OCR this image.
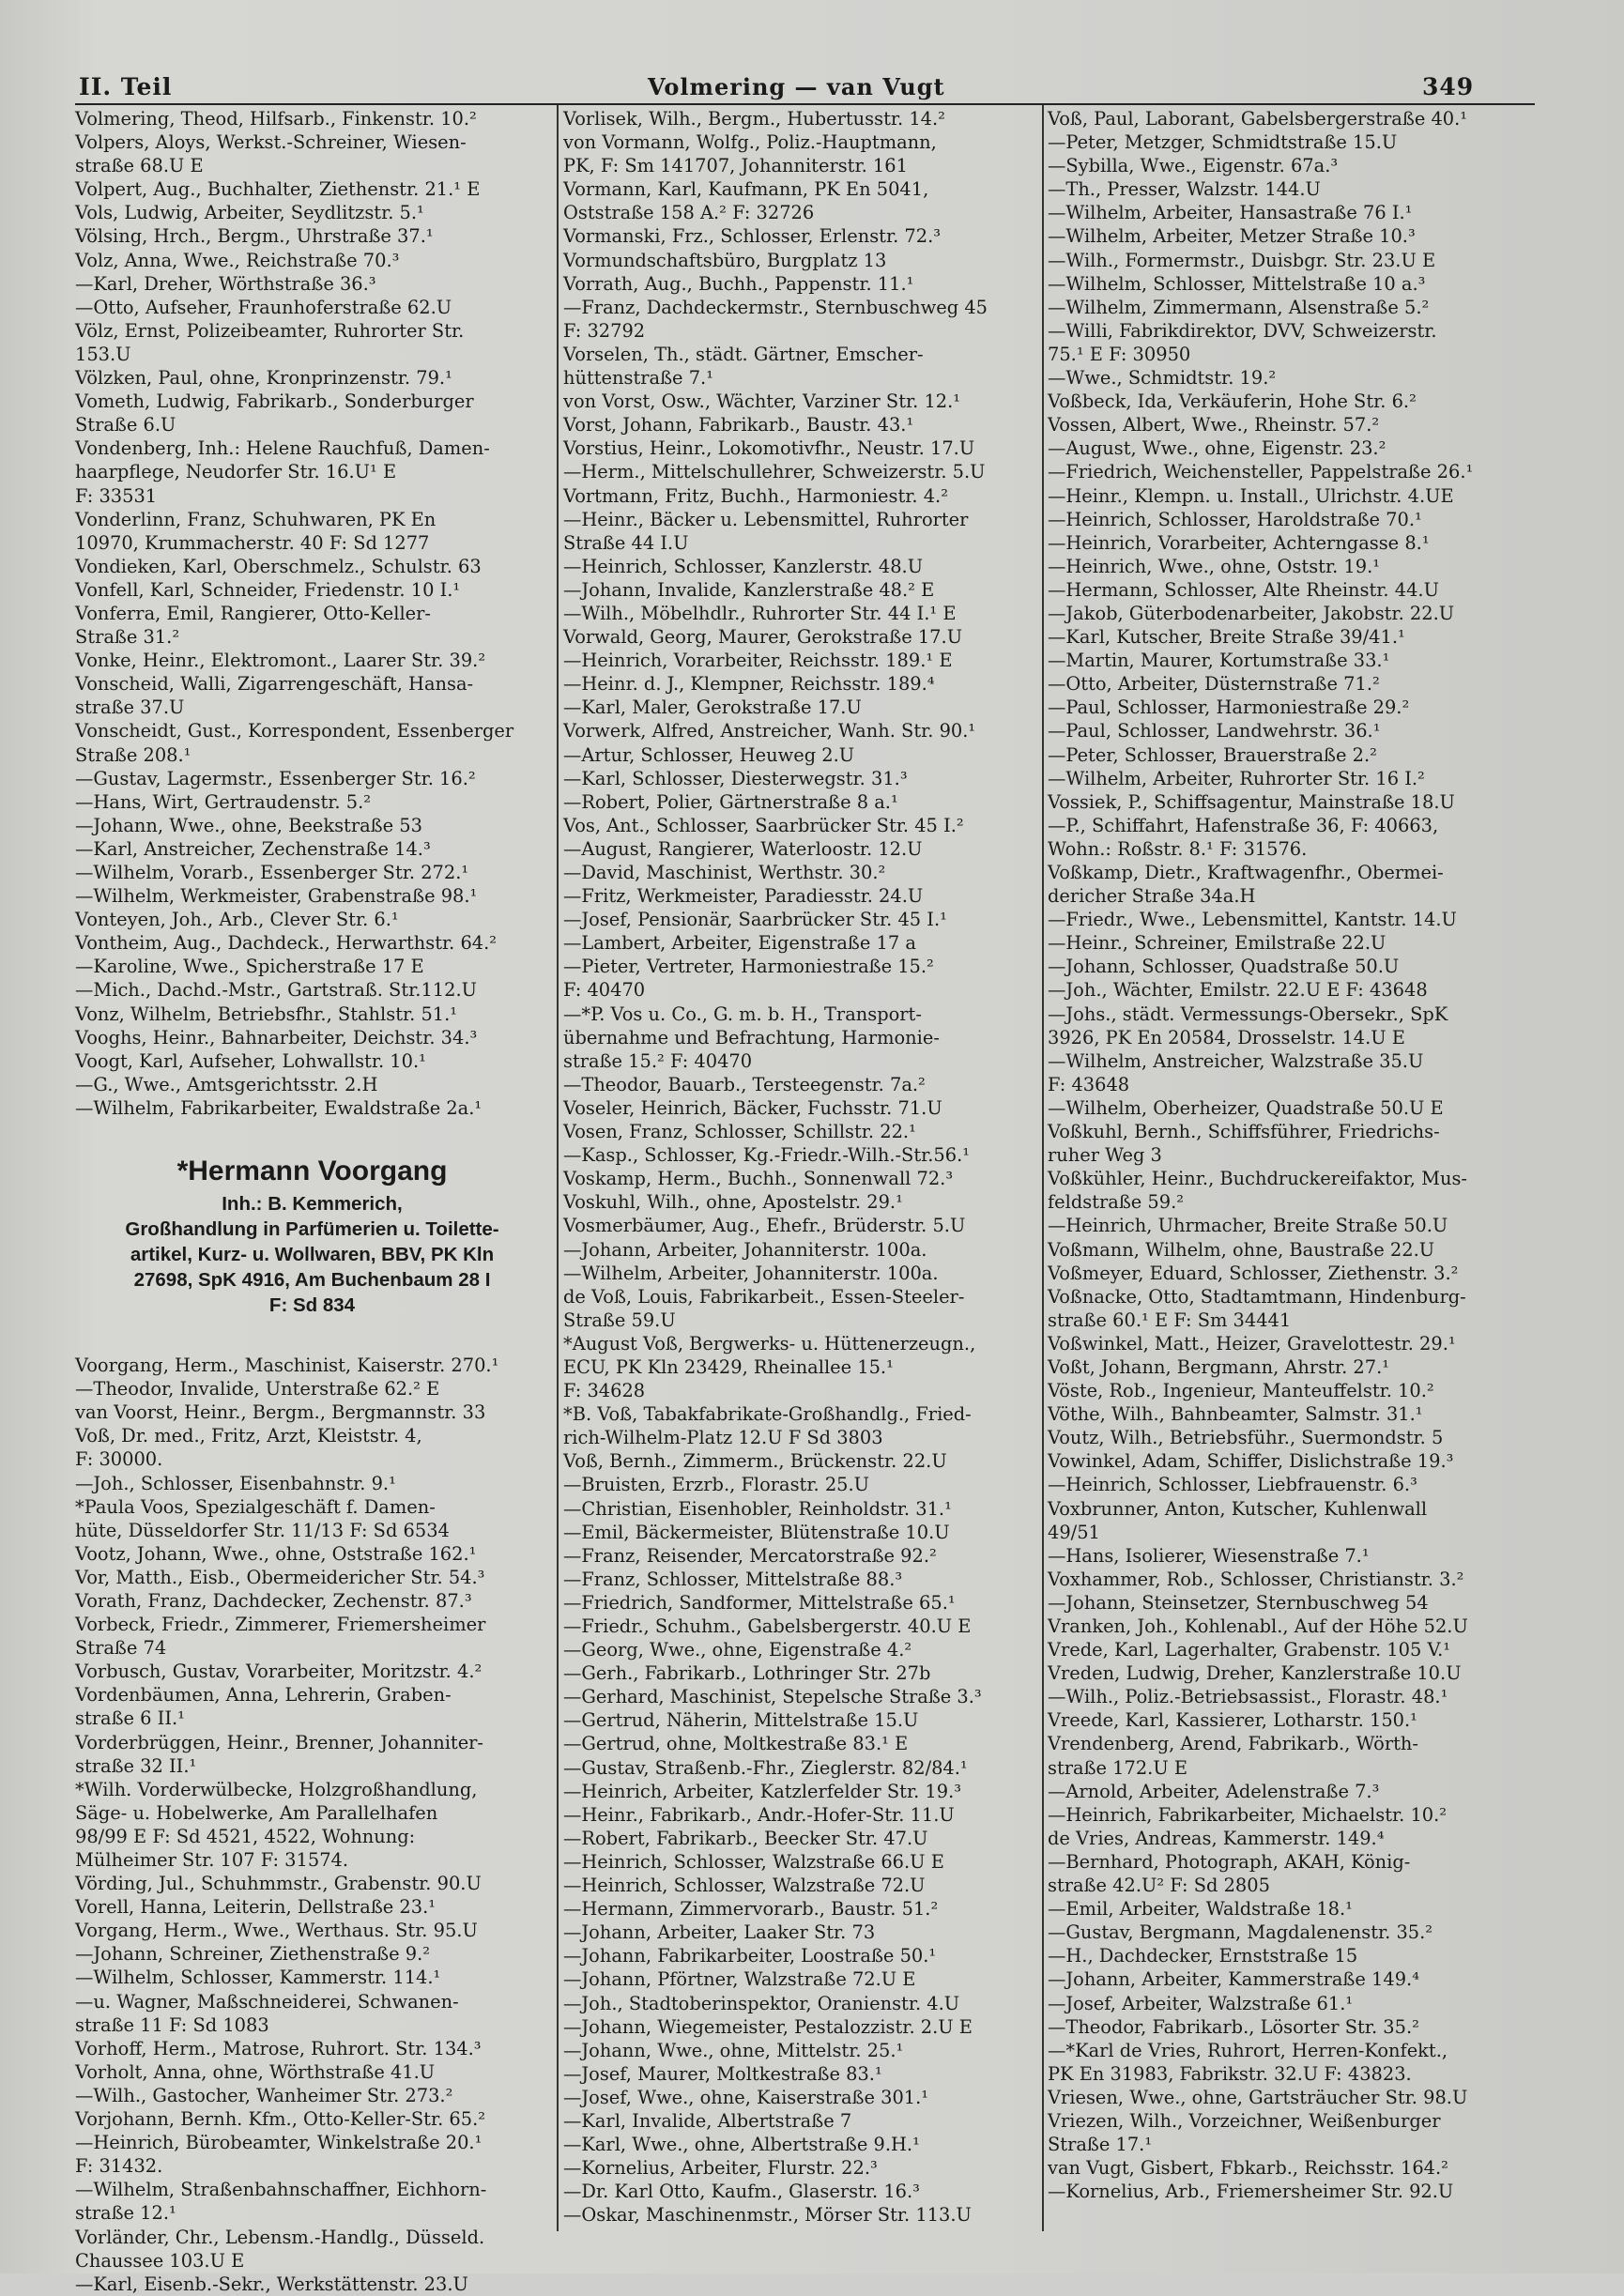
II. Teil	Volmering — van Vugt	349
Volmering, Theod, Hilfsarb., Finkenstr. 10.²
Volpers, Aloys, Werkst.-Schreiner, Wiesen-
straße 68.U E
Volpert, Aug., Buchhalter, Ziethenstr. 21.¹ E
Vols, Ludwig, Arbeiter, Seydlitzstr. 5.¹
Völsing, Hrch., Bergm., Uhrstraße 37.¹
Volz, Anna, Wwe., Reichstraße 70.³
—Karl, Dreher, Wörthstraße 36.³
—Otto, Aufseher, Fraunhoferstraße 62.U
Völz, Ernst, Polizeibeamter, Ruhrorter Str.
153.U
Völzken, Paul, ohne, Kronprinzenstr. 79.¹
Vometh, Ludwig, Fabrikarb., Sonderburger
Straße 6.U
Vondenberg, Inh.: Helene Rauchfuß, Damen-
haarpflege, Neudorfer Str. 16.U¹ E
F: 33531
Vonderlinn, Franz, Schuhwaren, PK En
10970, Krummacherstr. 40 F: Sd 1277
Vondieken, Karl, Oberschmelz., Schulstr. 63
Vonfell, Karl, Schneider, Friedenstr. 10 I.¹
Vonferra, Emil, Rangierer, Otto-Keller-
Straße 31.²
Vonke, Heinr., Elektromont., Laarer Str. 39.²
Vonscheid, Walli, Zigarrengeschäft, Hansa-
straße 37.U
Vonscheidt, Gust., Korrespondent, Essenberger
Straße 208.¹
—Gustav, Lagermstr., Essenberger Str. 16.²
—Hans, Wirt, Gertraudenstr. 5.²
—Johann, Wwe., ohne, Beekstraße 53
—Karl, Anstreicher, Zechenstraße 14.³
—Wilhelm, Vorarb., Essenberger Str. 272.¹
—Wilhelm, Werkmeister, Grabenstraße 98.¹
Vonteyen, Joh., Arb., Clever Str. 6.¹
Vontheim, Aug., Dachdeck., Herwarthstr. 64.²
—Karoline, Wwe., Spicherstraße 17 E
—Mich., Dachd.-Mstr., Gartstraß. Str.112.U
Vonz, Wilhelm, Betriebsfhr., Stahlstr. 51.¹
Vooghs, Heinr., Bahnarbeiter, Deichstr. 34.³
Voogt, Karl, Aufseher, Lohwallstr. 10.¹
—G., Wwe., Amtsgerichtsstr. 2.H
—Wilhelm, Fabrikarbeiter, Ewaldstraße 2a.¹
*Hermann Voorgang
Inh.: B. Kemmerich,
Großhandlung in Parfümerien u. Toilette-
artikel, Kurz- u. Wollwaren, BBV, PK Kln
27698, SpK 4916, Am Buchenbaum 28 I
F: Sd 834
Voorgang, Herm., Maschinist, Kaiserstr. 270.¹
—Theodor, Invalide, Unterstraße 62.² E
van Voorst, Heinr., Bergm., Bergmannstr. 33
Voß, Dr. med., Fritz, Arzt, Kleiststr. 4,
F: 30000.
—Joh., Schlosser, Eisenbahnstr. 9.¹
*Paula Voos, Spezialgeschäft f. Damen-
hüte, Düsseldorfer Str. 11/13 F: Sd 6534
Vootz, Johann, Wwe., ohne, Oststraße 162.¹
Vor, Matth., Eisb., Obermeidericher Str. 54.³
Vorath, Franz, Dachdecker, Zechenstr. 87.³
Vorbeck, Friedr., Zimmerer, Friemersheimer
Straße 74
Vorbusch, Gustav, Vorarbeiter, Moritzstr. 4.²
Vordenbäumen, Anna, Lehrerin, Graben-
straße 6 II.¹
Vorderbrüggen, Heinr., Brenner, Johanniter-
straße 32 II.¹
*Wilh. Vorderwülbecke, Holzgroßhandlung,
Säge- u. Hobelwerke, Am Parallelhafen
98/99 E F: Sd 4521, 4522, Wohnung:
Mülheimer Str. 107 F: 31574.
Vörding, Jul., Schuhmmstr., Grabenstr. 90.U
Vorell, Hanna, Leiterin, Dellstraße 23.¹
Vorgang, Herm., Wwe., Werthaus. Str. 95.U
—Johann, Schreiner, Ziethenstraße 9.²
—Wilhelm, Schlosser, Kammerstr. 114.¹
—u. Wagner, Maßschneiderei, Schwanen-
straße 11 F: Sd 1083
Vorhoff, Herm., Matrose, Ruhrort. Str. 134.³
Vorholt, Anna, ohne, Wörthstraße 41.U
—Wilh., Gastocher, Wanheimer Str. 273.²
Vorjohann, Bernh. Kfm., Otto-Keller-Str. 65.²
—Heinrich, Bürobeamter, Winkelstraße 20.¹
F: 31432.
—Wilhelm, Straßenbahnschaffner, Eichhorn-
straße 12.¹
Vorländer, Chr., Lebensm.-Handlg., Düsseld.
Chaussee 103.U E
—Karl, Eisenb.-Sekr., Werkstättenstr. 23.U
Vorlisek, Wilh., Bergm., Hubertusstr. 14.²
von Vormann, Wolfg., Poliz.-Hauptmann,
PK, F: Sm 141707, Johanniterstr. 161
Vormann, Karl, Kaufmann, PK En 5041,
Oststraße 158 A.² F: 32726
Vormanski, Frz., Schlosser, Erlenstr. 72.³
Vormundschaftsbüro, Burgplatz 13
Vorrath, Aug., Buchh., Pappenstr. 11.¹
—Franz, Dachdeckermstr., Sternbuschweg 45
F: 32792
Vorselen, Th., städt. Gärtner, Emscher-
hüttenstraße 7.¹
von Vorst, Osw., Wächter, Varziner Str. 12.¹
Vorst, Johann, Fabrikarb., Baustr. 43.¹
Vorstius, Heinr., Lokomotivfhr., Neustr. 17.U
—Herm., Mittelschullehrer, Schweizerstr. 5.U
Vortmann, Fritz, Buchh., Harmoniestr. 4.²
—Heinr., Bäcker u. Lebensmittel, Ruhrorter
Straße 44 I.U
—Heinrich, Schlosser, Kanzlerstr. 48.U
—Johann, Invalide, Kanzlerstraße 48.² E
—Wilh., Möbelhdlr., Ruhrorter Str. 44 I.¹ E
Vorwald, Georg, Maurer, Gerokstraße 17.U
—Heinrich, Vorarbeiter, Reichsstr. 189.¹ E
—Heinr. d. J., Klempner, Reichsstr. 189.⁴
—Karl, Maler, Gerokstraße 17.U
Vorwerk, Alfred, Anstreicher, Wanh. Str. 90.¹
—Artur, Schlosser, Heuweg 2.U
—Karl, Schlosser, Diesterwegstr. 31.³
—Robert, Polier, Gärtnerstraße 8 a.¹
Vos, Ant., Schlosser, Saarbrücker Str. 45 I.²
—August, Rangierer, Waterloostr. 12.U
—David, Maschinist, Werthstr. 30.²
—Fritz, Werkmeister, Paradiesstr. 24.U
—Josef, Pensionär, Saarbrücker Str. 45 I.¹
—Lambert, Arbeiter, Eigenstraße 17 a
—Pieter, Vertreter, Harmoniestraße 15.²
F: 40470
—*P. Vos u. Co., G. m. b. H., Transport-
übernahme und Befrachtung, Harmonie-
straße 15.² F: 40470
—Theodor, Bauarb., Tersteegenstr. 7a.²
Voseler, Heinrich, Bäcker, Fuchsstr. 71.U
Vosen, Franz, Schlosser, Schillstr. 22.¹
—Kasp., Schlosser, Kg.-Friedr.-Wilh.-Str.56.¹
Voskamp, Herm., Buchh., Sonnenwall 72.³
Voskuhl, Wilh., ohne, Apostelstr. 29.¹
Vosmerbäumer, Aug., Ehefr., Brüderstr. 5.U
—Johann, Arbeiter, Johanniterstr. 100a.
—Wilhelm, Arbeiter, Johanniterstr. 100a.
de Voß, Louis, Fabrikarbeit., Essen-Steeler-
Straße 59.U
*August Voß, Bergwerks- u. Hüttenerzeugn.,
ECU, PK Kln 23429, Rheinallee 15.¹
F: 34628
*B. Voß, Tabakfabrikate-Großhandlg., Fried-
rich-Wilhelm-Platz 12.U F Sd 3803
Voß, Bernh., Zimmerm., Brückenstr. 22.U
—Bruisten, Erzrb., Florastr. 25.U
—Christian, Eisenhobler, Reinholdstr. 31.¹
—Emil, Bäckermeister, Blütenstraße 10.U
—Franz, Reisender, Mercatorstraße 92.²
—Franz, Schlosser, Mittelstraße 88.³
—Friedrich, Sandformer, Mittelstraße 65.¹
—Friedr., Schuhm., Gabelsbergerstr. 40.U E
—Georg, Wwe., ohne, Eigenstraße 4.²
—Gerh., Fabrikarb., Lothringer Str. 27b
—Gerhard, Maschinist, Stepelsche Straße 3.³
—Gertrud, Näherin, Mittelstraße 15.U
—Gertrud, ohne, Moltkestraße 83.¹ E
—Gustav, Straßenb.-Fhr., Zieglerstr. 82/84.¹
—Heinrich, Arbeiter, Katzlerfelder Str. 19.³
—Heinr., Fabrikarb., Andr.-Hofer-Str. 11.U
—Robert, Fabrikarb., Beecker Str. 47.U
—Heinrich, Schlosser, Walzstraße 66.U E
—Heinrich, Schlosser, Walzstraße 72.U
—Hermann, Zimmervorarb., Baustr. 51.²
—Johann, Arbeiter, Laaker Str. 73
—Johann, Fabrikarbeiter, Loostraße 50.¹
—Johann, Pförtner, Walzstraße 72.U E
—Joh., Stadtoberinspektor, Oranienstr. 4.U
—Johann, Wiegemeister, Pestalozzistr. 2.U E
—Johann, Wwe., ohne, Mittelstr. 25.¹
—Josef, Maurer, Moltkestraße 83.¹
—Josef, Wwe., ohne, Kaiserstraße 301.¹
—Karl, Invalide, Albertstraße 7
—Karl, Wwe., ohne, Albertstraße 9.H.¹
—Kornelius, Arbeiter, Flurstr. 22.³
—Dr. Karl Otto, Kaufm., Glaserstr. 16.³
—Oskar, Maschinenmstr., Mörser Str. 113.U
Voß, Paul, Laborant, Gabelsbergerstraße 40.¹
—Peter, Metzger, Schmidtstraße 15.U
—Sybilla, Wwe., Eigenstr. 67a.³
—Th., Presser, Walzstr. 144.U
—Wilhelm, Arbeiter, Hansastraße 76 I.¹
—Wilhelm, Arbeiter, Metzer Straße 10.³
—Wilh., Formermstr., Duisbgr. Str. 23.U E
—Wilhelm, Schlosser, Mittelstraße 10 a.³
—Wilhelm, Zimmermann, Alsenstraße 5.²
—Willi, Fabrikdirektor, DVV, Schweizerstr.
75.¹ E F: 30950
—Wwe., Schmidtstr. 19.²
Voßbeck, Ida, Verkäuferin, Hohe Str. 6.²
Vossen, Albert, Wwe., Rheinstr. 57.²
—August, Wwe., ohne, Eigenstr. 23.²
—Friedrich, Weichensteller, Pappelstraße 26.¹
—Heinr., Klempn. u. Install., Ulrichstr. 4.UE
—Heinrich, Schlosser, Haroldstraße 70.¹
—Heinrich, Vorarbeiter, Achterngasse 8.¹
—Heinrich, Wwe., ohne, Oststr. 19.¹
—Hermann, Schlosser, Alte Rheinstr. 44.U
—Jakob, Güterbodenarbeiter, Jakobstr. 22.U
—Karl, Kutscher, Breite Straße 39/41.¹
—Martin, Maurer, Kortumstraße 33.¹
—Otto, Arbeiter, Düsternstraße 71.²
—Paul, Schlosser, Harmoniestraße 29.²
—Paul, Schlosser, Landwehrstr. 36.¹
—Peter, Schlosser, Brauerstraße 2.²
—Wilhelm, Arbeiter, Ruhrorter Str. 16 I.²
Vossiek, P., Schiffsagentur, Mainstraße 18.U
—P., Schiffahrt, Hafenstraße 36, F: 40663,
Wohn.: Roßstr. 8.¹ F: 31576.
Voßkamp, Dietr., Kraftwagenfhr., Obermei-
dericher Straße 34a.H
—Friedr., Wwe., Lebensmittel, Kantstr. 14.U
—Heinr., Schreiner, Emilstraße 22.U
—Johann, Schlosser, Quadstraße 50.U
—Joh., Wächter, Emilstr. 22.U E F: 43648
—Johs., städt. Vermessungs-Obersekr., SpK
3926, PK En 20584, Drosselstr. 14.U E
—Wilhelm, Anstreicher, Walzstraße 35.U
F: 43648
—Wilhelm, Oberheizer, Quadstraße 50.U E
Voßkuhl, Bernh., Schiffsführer, Friedrichs-
ruher Weg 3
Voßkühler, Heinr., Buchdruckereifaktor, Mus-
feldstraße 59.²
—Heinrich, Uhrmacher, Breite Straße 50.U
Voßmann, Wilhelm, ohne, Baustraße 22.U
Voßmeyer, Eduard, Schlosser, Ziethenstr. 3.²
Voßnacke, Otto, Stadtamtmann, Hindenburg-
straße 60.¹ E F: Sm 34441
Voßwinkel, Matt., Heizer, Gravelottestr. 29.¹
Voßt, Johann, Bergmann, Ahrstr. 27.¹
Vöste, Rob., Ingenieur, Manteuffelstr. 10.²
Vöthe, Wilh., Bahnbeamter, Salmstr. 31.¹
Voutz, Wilh., Betriebsführ., Suermondstr. 5
Vowinkel, Adam, Schiffer, Dislichstraße 19.³
—Heinrich, Schlosser, Liebfrauenstr. 6.³
Voxbrunner, Anton, Kutscher, Kuhlenwall
49/51
—Hans, Isolierer, Wiesenstraße 7.¹
Voxhammer, Rob., Schlosser, Christianstr. 3.²
—Johann, Steinsetzer, Sternbuschweg 54
Vranken, Joh., Kohlenabl., Auf der Höhe 52.U
Vrede, Karl, Lagerhalter, Grabenstr. 105 V.¹
Vreden, Ludwig, Dreher, Kanzlerstraße 10.U
—Wilh., Poliz.-Betriebsassist., Florastr. 48.¹
Vreede, Karl, Kassierer, Lotharstr. 150.¹
Vrendenberg, Arend, Fabrikarb., Wörth-
straße 172.U E
—Arnold, Arbeiter, Adelenstraße 7.³
—Heinrich, Fabrikarbeiter, Michaelstr. 10.²
de Vries, Andreas, Kammerstr. 149.⁴
—Bernhard, Photograph, AKAH, König-
straße 42.U² F: Sd 2805
—Emil, Arbeiter, Waldstraße 18.¹
—Gustav, Bergmann, Magdalenenstr. 35.²
—H., Dachdecker, Ernststraße 15
—Johann, Arbeiter, Kammerstraße 149.⁴
—Josef, Arbeiter, Walzstraße 61.¹
—Theodor, Fabrikarb., Lösorter Str. 35.²
—*Karl de Vries, Ruhrort, Herren-Konfekt.,
PK En 31983, Fabrikstr. 32.U F: 43823.
Vriesen, Wwe., ohne, Gartsträucher Str. 98.U
Vriezen, Wilh., Vorzeichner, Weißenburger
Straße 17.¹
van Vugt, Gisbert, Fbkarb., Reichsstr. 164.²
—Kornelius, Arb., Friemersheimer Str. 92.U
